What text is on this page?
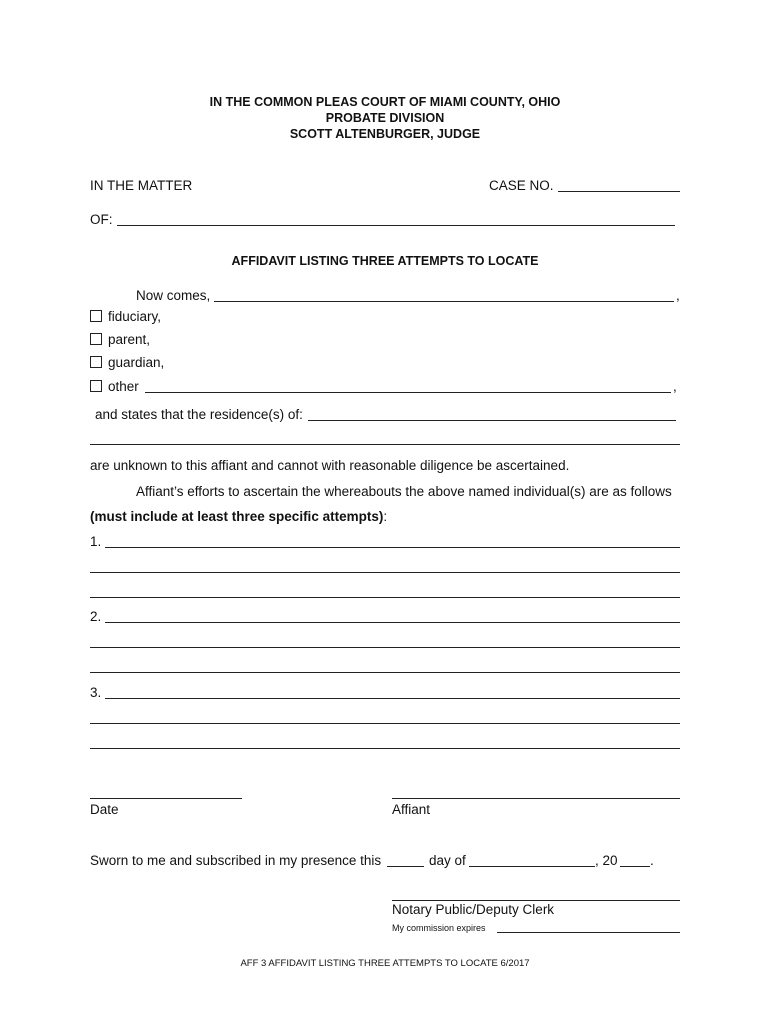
IN THE COMMON PLEAS COURT OF MIAMI COUNTY, OHIO
PROBATE DIVISION
SCOTT ALTENBURGER, JUDGE
IN THE MATTER	CASE NO.
OF:
AFFIDAVIT LISTING THREE ATTEMPTS TO LOCATE
Now comes,	,
fiduciary,
parent,
guardian,
other	,
and states that the residence(s) of:
are unknown to this affiant and cannot with reasonable diligence be ascertained.
Affiant’s efforts to ascertain the whereabouts the above named individual(s) are as follows
(must include at least three specific attempts):
1.
2.
3.
Date	Affiant
Sworn to me and subscribed in my presence this	day of	, 20 .
Notary Public/Deputy Clerk
My commission expires
AFF 3 AFFIDAVIT LISTING THREE ATTEMPTS TO LOCATE 6/2017
